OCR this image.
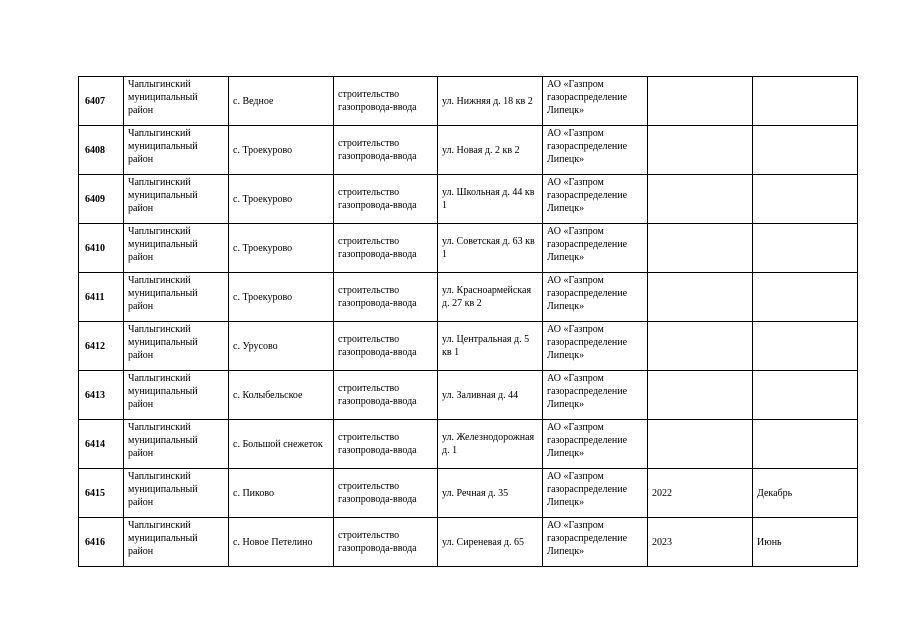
6407	Чаплыгинский муниципальный район	с. Ведное	строительство газопровода-ввода	ул. Нижняя д. 18 кв 2	АО «Газпром газораспределение Липецк»		
6408	Чаплыгинский муниципальный район	с. Троекурово	строительство газопровода-ввода	ул. Новая д. 2 кв 2	АО «Газпром газораспределение Липецк»		
6409	Чаплыгинский муниципальный район	с. Троекурово	строительство газопровода-ввода	ул. Школьная д. 44 кв 1	АО «Газпром газораспределение Липецк»		
6410	Чаплыгинский муниципальный район	с. Троекурово	строительство газопровода-ввода	ул. Советская д. 63 кв 1	АО «Газпром газораспределение Липецк»		
6411	Чаплыгинский муниципальный район	с. Троекурово	строительство газопровода-ввода	ул. Красноармейская д. 27 кв 2	АО «Газпром газораспределение Липецк»		
6412	Чаплыгинский муниципальный район	с. Урусово	строительство газопровода-ввода	ул. Центральная д. 5 кв 1	АО «Газпром газораспределение Липецк»		
6413	Чаплыгинский муниципальный район	с. Колыбельское	строительство газопровода-ввода	ул. Заливная д. 44	АО «Газпром газораспределение Липецк»		
6414	Чаплыгинский муниципальный район	с. Большой снежеток	строительство газопровода-ввода	ул. Железнодорожная д. 1	АО «Газпром газораспределение Липецк»		
6415	Чаплыгинский муниципальный район	с. Пиково	строительство газопровода-ввода	ул. Речная д. 35	АО «Газпром газораспределение Липецк»	2022	Декабрь
6416	Чаплыгинский муниципальный район	с. Новое Петелино	строительство газопровода-ввода	ул. Сиреневая д. 65	АО «Газпром газораспределение Липецк»	2023	Июнь
